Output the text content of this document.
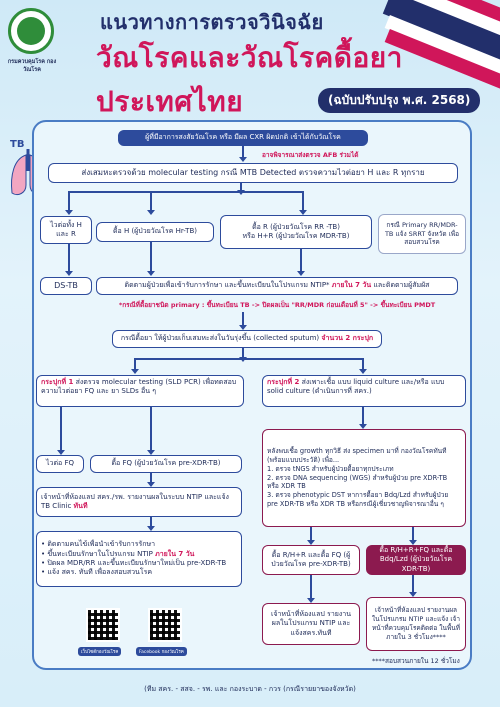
กรมควบคุมโรค กองวัณโรค
แนวทางการตรวจวินิจฉัย
วัณโรคและวัณโรคดื้อยาประเทศไทย	(ฉบับปรับปรุง พ.ศ. 2568)
TB
ผู้ที่มีอาการสงสัยวัณโรค หรือ มีผล CXR ผิดปกติ เข้าได้กับวัณโรค
อาจพิจารณาส่งตรวจ AFB ร่วมได้
ส่งเสมหะตรวจด้วย molecular testing กรณี MTB Detected ตรวจความไวต่อยา H และ R ทุกราย
ไวต่อทั้ง H และ R	ดื้อ H (ผู้ป่วยวัณโรค Hr-TB)
ดื้อ R (ผู้ป่วยวัณโรค RR -TB)
หรือ H+R (ผู้ป่วยวัณโรค MDR-TB)
กรณี Primary RR/MDR-TB แจ้ง SRRT จังหวัด เพื่อสอบสวนโรค
DS-TB	ติดตามผู้ป่วยเพื่อเข้ารับการรักษา และขึ้นทะเบียนในโปรแกรม NTIP*
ภายใน 7 วัน
และติดตามผู้สัมผัส
*กรณีที่ดื้อยาชนิด primary : ขึ้นทะเบียน TB -> ปิดผลเป็น "RR/MDR ก่อนเดือนที่ 5" -> ขึ้นทะเบียน PMDT
กรณีดื้อยา ให้ผู้ป่วยเก็บเสมหะส่งในวันรุ่งขึ้น (collected sputum)
จำนวน 2 กระปุก
กระปุกที่ 1 ส่งตรวจ molecular testing (SLD PCR) เพื่อทดสอบความไวต่อยา FQ และ ยา SLDs อื่น ๆ
กระปุกที่ 2 ส่งเพาะเชื้อ แบบ liquid culture และ/หรือ แบบ solid culture (ดำเนินการที่ สคร.)
ไวต่อ FQ	ดื้อ FQ (ผู้ป่วยวัณโรค pre-XDR-TB)
เจ้าหน้าที่ห้องแลป สคร./รพ. รายงานผลในระบบ NTIP และแจ้ง TB Clinic ทันที
• ติดตามคนไข้เพื่อนำเข้ารับการรักษา
• ขึ้นทะเบียนรักษาในโปรแกรม NTIP ภายใน 7 วัน
• ปิดผล MDR/RR และขึ้นทะเบียนรักษาใหม่เป็น pre-XDR-TB
• แจ้ง สคร. ทันที เพื่อลงสอบสวนโรค
หลังพบเชื้อ growth ทุกวิธี ส่ง specimen มาที่ กองวัณโรคทันที (พร้อมแบบประวัติ) เพื่อ...
1. ตรวจ tNGS สำหรับผู้ป่วยดื้อยาทุกประเภท
2. ตรวจ DNA sequencing (WGS) สำหรับผู้ป่วย pre XDR-TB หรือ XDR TB
3. ตรวจ phenotypic DST หาการดื้อยา Bdq/Lzd สำหรับผู้ป่วย pre XDR-TB หรือ XDR TB หรือกรณีผู้เชี่ยวชาญพิจารณาอื่น ๆ
ดื้อ R/H+R และดื้อ FQ (ผู้ป่วยวัณโรค pre-XDR-TB)
ดื้อ R/H+R+FQ และดื้อ Bdq/Lzd (ผู้ป่วยวัณโรค XDR-TB)
เจ้าหน้าที่ห้องแลป รายงานผลในโปรแกรม NTIP และแจ้งสคร.ทันที
เจ้าหน้าที่ห้องแลป รายงานผล ในโปรแกรม NTIP และแจ้ง เจ้าหน้าที่ควบคุมโรคติดต่อ ในพื้นที่ภายใน 3 ชั่วโมง****
****สอบสวนภายใน 12 ชั่วโมง
เว็บไซต์กองวัณโรค	Facebook กองวัณโรค
(ทีม สคร. - สสจ. - รพ. และ กองระบาด - กวร (กรณีรายยาของจังหวัด)
